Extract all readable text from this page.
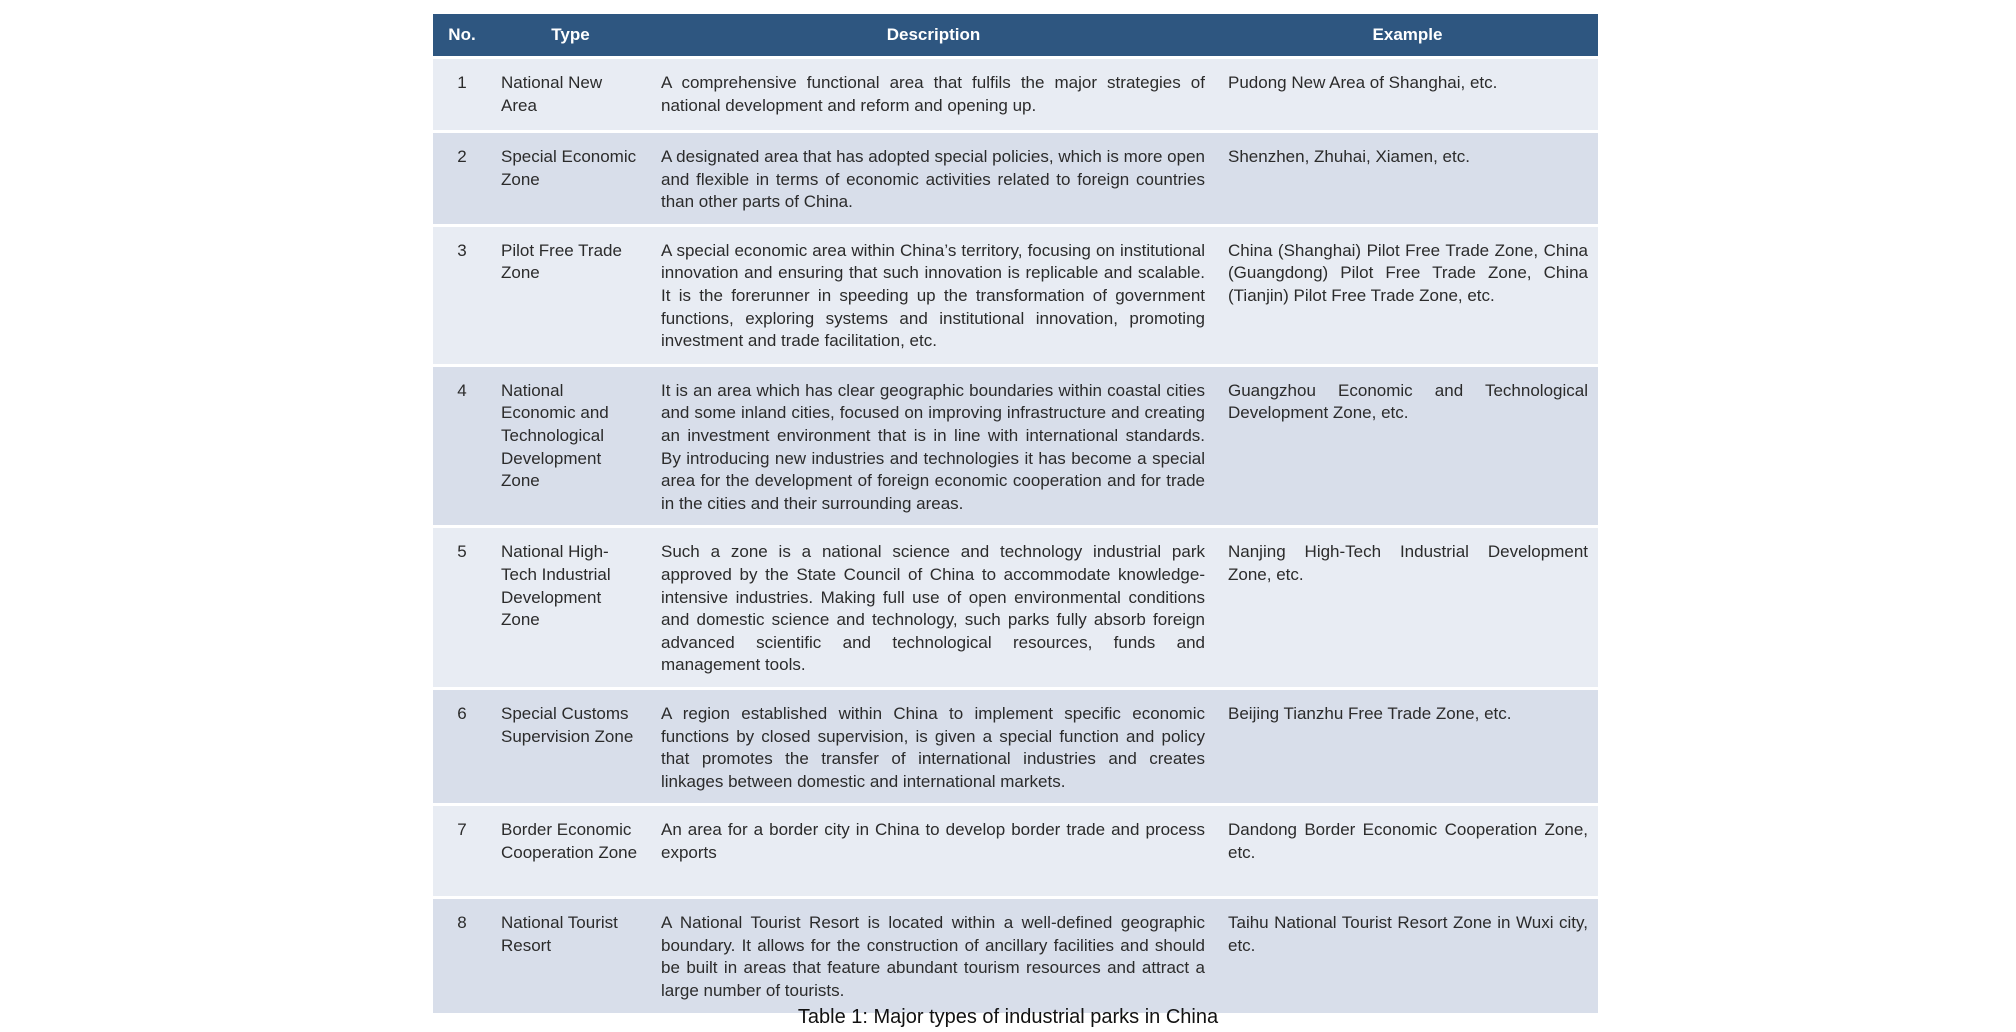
No.	Type	Description	Example
1	National New Area	A comprehensive functional area that fulfils the major strategies of national development and reform and opening up.	Pudong New Area of Shanghai, etc.
2	Special Economic Zone	A designated area that has adopted special policies, which is more open and flexible in terms of economic activities related to foreign countries than other parts of China.	Shenzhen, Zhuhai, Xiamen, etc.
3	Pilot Free Trade Zone	A special economic area within China’s territory, focusing on institutional innovation and ensuring that such innovation is replicable and scalable. It is the forerunner in speeding up the transformation of government functions, exploring systems and institutional innovation, promoting investment and trade facilitation, etc.	China (Shanghai) Pilot Free Trade Zone, China (Guangdong) Pilot Free Trade Zone, China (Tianjin) Pilot Free Trade Zone, etc.
4	National Economic and Technological Development Zone	It is an area which has clear geographic boundaries within coastal cities and some inland cities, focused on improving infrastructure and creating an investment environment that is in line with international standards. By introducing new industries and technologies it has become a special area for the development of foreign economic cooperation and for trade in the cities and their surrounding areas.	Guangzhou Economic and Technological Development Zone, etc.
5	National High-Tech Industrial Development Zone	Such a zone is a national science and technology industrial park approved by the State Council of China to accommodate knowledge-intensive industries. Making full use of open environmental conditions and domestic science and technology, such parks fully absorb foreign advanced scientific and technological resources, funds and management tools.	Nanjing High-Tech Industrial Development Zone, etc.
6	Special Customs Supervision Zone	A region established within China to implement specific economic functions by closed supervision, is given a special function and policy that promotes the transfer of international industries and creates linkages between domestic and international markets.	Beijing Tianzhu Free Trade Zone, etc.
7	Border Economic Cooperation Zone	An area for a border city in China to develop border trade and process exports	Dandong Border Economic Cooperation Zone, etc.
8	National Tourist Resort	A National Tourist Resort is located within a well-defined geographic boundary. It allows for the construction of ancillary facilities and should be built in areas that feature abundant tourism resources and attract a large number of tourists.	Taihu National Tourist Resort Zone in Wuxi city, etc.
Table 1: Major types of industrial parks in China
